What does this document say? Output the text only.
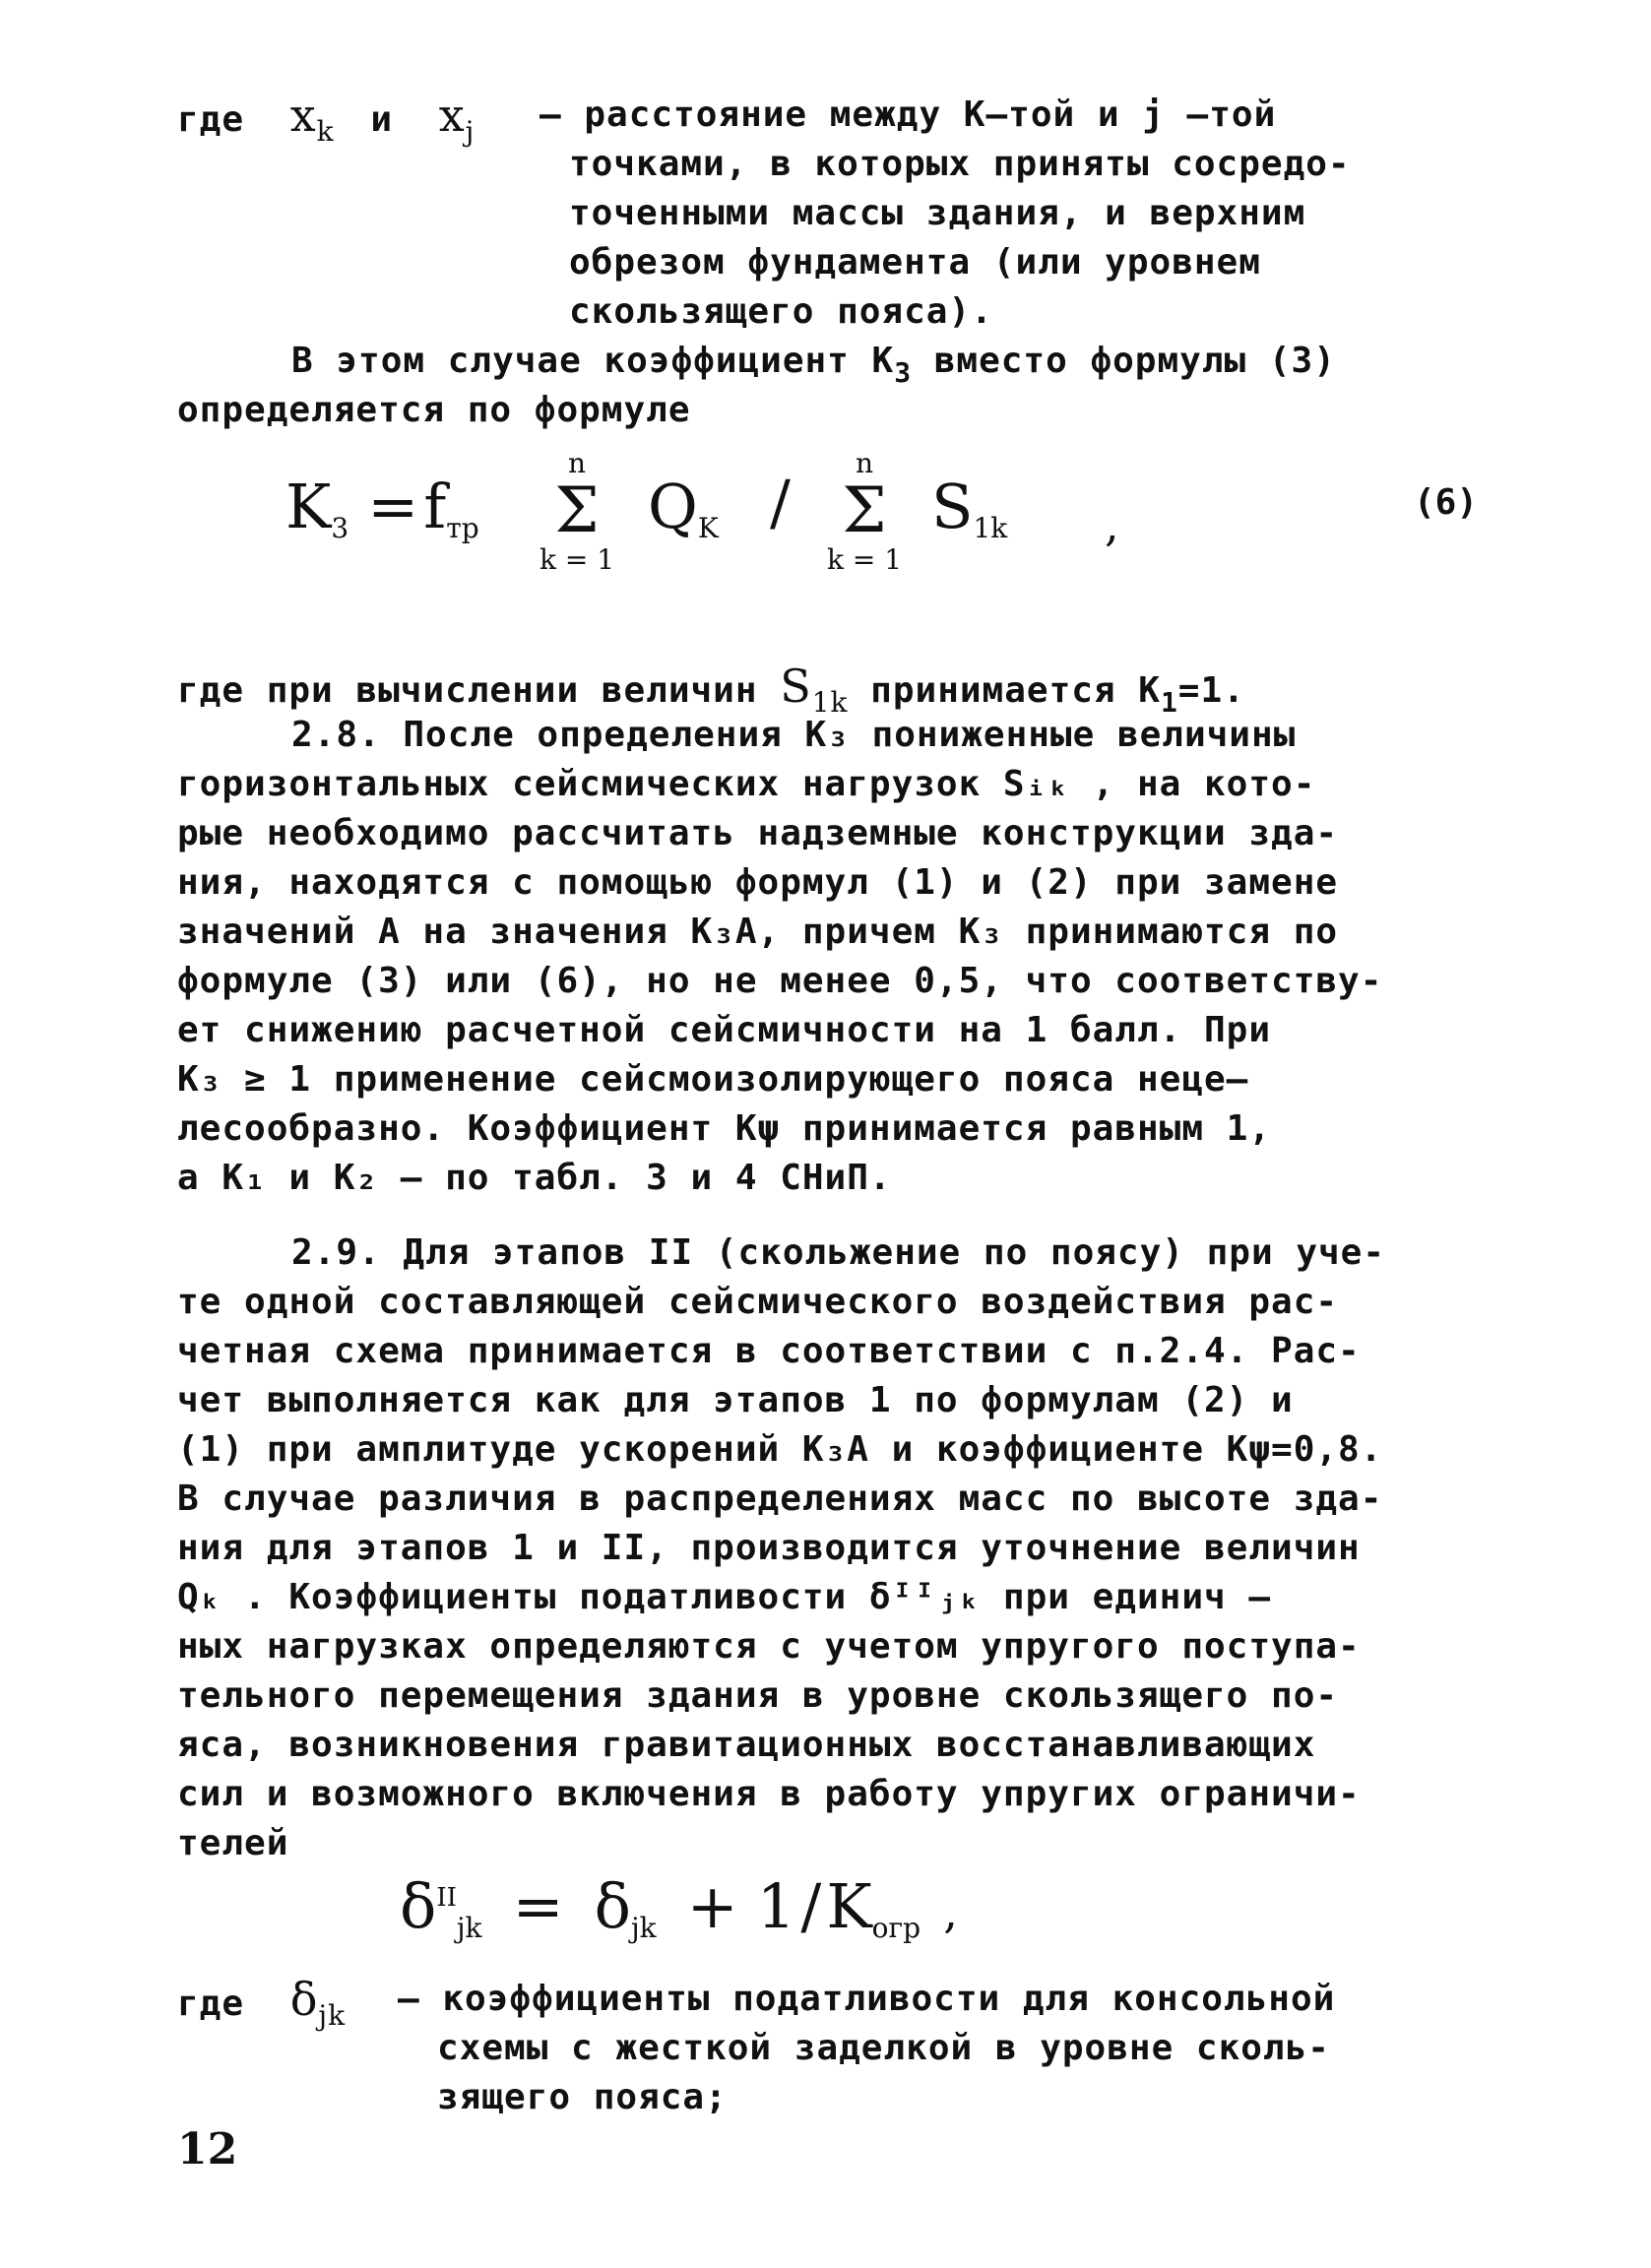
где $x_k$ и $x_j$ – расстояние между К–той и j –той
точками, в которых приняты сосредо-
точенными массы здания, и верхним
обрезом фундамента (или уровнем
скользящего пояса).
В этом случае коэффициент $К_3$ вместо формулы (3)
определяется по формуле
$K_3 = f_{тр}$
n
Σ
k = 1
$Q_K$ /
n
Σ
k = 1
$S_{1k}$ ,	(6)
где при вычислении величин $S_{1k}$ принимается $К_1=1$.
2.8. После определения К₃ пониженные величины
горизонтальных сейсмических нагрузок Sᵢₖ , на кото-
рые необходимо рассчитать надземные конструкции зда-
ния, находятся с помощью формул (1) и (2) при замене
значений А на значения К₃А, причем К₃ принимаются по
формуле (3) или (6), но не менее 0,5, что соответству-
ет снижению расчетной сейсмичности на 1 балл. При
К₃ ≥ 1 применение сейсмоизолирующего пояса неце–
лесообразно. Коэффициент Кψ принимается равным 1,
а К₁ и К₂ – по табл. 3 и 4 СНиП.
2.9. Для этапов II (скольжение по поясу) при уче-
те одной составляющей сейсмического воздействия рас-
четная схема принимается в соответствии с п.2.4. Рас-
чет выполняется как для этапов 1 по формулам (2) и
(1) при амплитуде ускорений К₃А и коэффициенте Kψ=0,8.
В случае различия в распределениях масс по высоте зда-
ния для этапов 1 и II, производится уточнение величин
Qₖ . Коэффициенты податливости δᴵᴵⱼₖ при единич –
ных нагрузках определяются с учетом упругого поступа-
тельного перемещения здания в уровне скользящего по-
яса, возникновения гравитационных восстанавливающих
сил и возможного включения в работу упругих ограничи-
телей
$\delta^{II}_{jk} = \delta_{jk} + 1 / K_{огр}$ ,
где $\delta_{jk}$ – коэффициенты податливости для консольной
схемы с жесткой заделкой в уровне сколь-
зящего пояса;
12
